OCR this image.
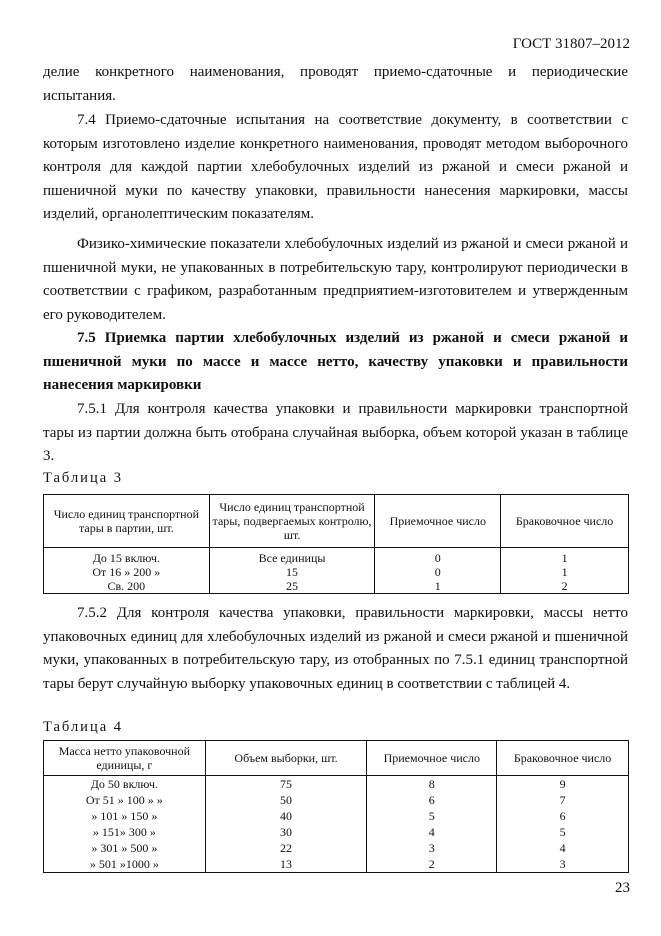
ГОСТ 31807–2012
делие конкретного наименования, проводят приемо-сдаточные и периодические испытания.
7.4 Приемо-сдаточные испытания на соответствие документу, в соответствии с которым изготовлено изделие конкретного наименования, проводят методом выборочного контроля для каждой партии хлебобулочных изделий из ржаной и смеси ржаной и пшеничной муки по качеству упаковки, правильности нанесения маркировки, массы изделий, органолептическим показателям.
Физико-химические показатели хлебобулочных изделий из ржаной и смеси ржаной и пшеничной муки, не упакованных в потребительскую тару, контролируют периодически в соответствии с графиком, разработанным предприятием-изготовителем и утвержденным его руководителем.
7.5 Приемка партии хлебобулочных изделий из ржаной и смеси ржаной и пшеничной муки по массе и массе нетто, качеству упаковки и правильности нанесения маркировки
7.5.1 Для контроля качества упаковки и правильности маркировки транспортной тары из партии должна быть отобрана случайная выборка, объем которой указан в таблице 3.
Таблица 3
Число единиц транспортной тары в партии, шт.	Число единиц транспортной тары, подвергаемых контролю, шт.	Приемочное число	Браковочное число
До 15 включ.	Все единицы	0	1
От 16 » 200 »	15	0	1
Св. 200	25	1	2
7.5.2 Для контроля качества упаковки, правильности маркировки, массы нетто упаковочных единиц для хлебобулочных изделий из ржаной и смеси ржаной и пшеничной муки, упакованных в потребительскую тару, из отобранных по 7.5.1 единиц транспортной тары берут случайную выборку упаковочных единиц в соответствии с таблицей 4.
Таблица 4
Масса нетто упаковочной единицы, г	Объем выборки, шт.	Приемочное число	Браковочное число
До 50 включ.	75	8	9
От 51 » 100 » »	50	6	7
» 101 » 150 »	40	5	6
» 151» 300 »	30	4	5
» 301 » 500 »	22	3	4
» 501 »1000 »	13	2	3
23
